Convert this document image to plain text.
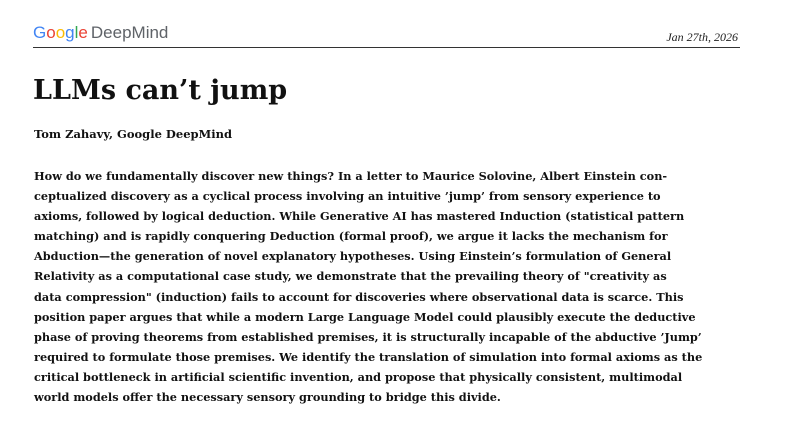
Google DeepMind	Jan 27th, 2026
LLMs can’t jump
Tom Zahavy, Google DeepMind

How do we fundamentally discover new things? In a letter to Maurice Solovine, Albert Einstein con-
ceptualized discovery as a cyclical process involving an intuitive ’jump’ from sensory experience to
axioms, followed by logical deduction. While Generative AI has mastered Induction (statistical pattern
matching) and is rapidly conquering Deduction (formal proof), we argue it lacks the mechanism for
Abduction—the generation of novel explanatory hypotheses. Using Einstein’s formulation of General
Relativity as a computational case study, we demonstrate that the prevailing theory of "creativity as
data compression" (induction) fails to account for discoveries where observational data is scarce. This
position paper argues that while a modern Large Language Model could plausibly execute the deductive
phase of proving theorems from established premises, it is structurally incapable of the abductive ’Jump’
required to formulate those premises. We identify the translation of simulation into formal axioms as the
critical bottleneck in artificial scientific invention, and propose that physically consistent, multimodal
world models offer the necessary sensory grounding to bridge this divide.
